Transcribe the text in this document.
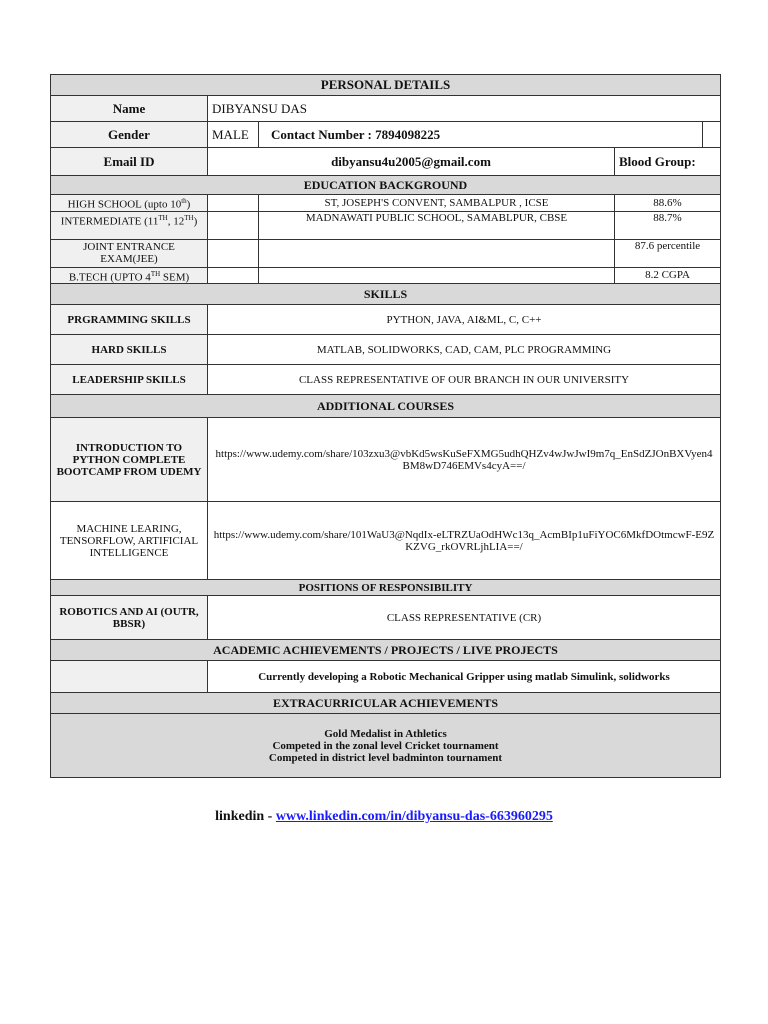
PERSONAL DETAILS				
Name	DIBYANSU DAS			
Gender	MALE	Contact Number : 7894098225		
Email ID	dibyansu4u2005@gmail.com		Blood Group:	
EDUCATION BACKGROUND				
HIGH SCHOOL (upto 10th)		ST, JOSEPH'S CONVENT, SAMBALPUR , ICSE	88.6%	
INTERMEDIATE (11TH, 12TH)		MADNAWATI PUBLIC SCHOOL, SAMABLPUR, CBSE	88.7%	
JOINT ENTRANCE EXAM(JEE)			87.6 percentile	
B.TECH (UPTO 4TH SEM)			8.2 CGPA	
SKILLS				
PRGRAMMING SKILLS	PYTHON, JAVA, AI&ML, C, C++			
HARD SKILLS	MATLAB, SOLIDWORKS, CAD, CAM, PLC PROGRAMMING			
LEADERSHIP SKILLS	CLASS REPRESENTATIVE OF OUR BRANCH IN OUR UNIVERSITY			
ADDITIONAL COURSES				
INTRODUCTION TO PYTHON COMPLETE BOOTCAMP FROM UDEMY	https://www.udemy.com/share/103zxu3@vbKd5wsKuSeFXMG5udhQHZv4wJwJwI9m7q_EnSdZJOnBXVyen4BM8wD746EMVs4cyA==/			
MACHINE LEARING, TENSORFLOW, ARTIFICIAL INTELLIGENCE	https://www.udemy.com/share/101WaU3@NqdIx-eLTRZUaOdHWc13q_AcmBIp1uFiYOC6MkfDOtmcwF-E9ZKZVG_rkOVRLjhLIA==/			
POSITIONS OF RESPONSIBILITY				
ROBOTICS AND AI (OUTR, BBSR)	CLASS REPRESENTATIVE (CR)			
ACADEMIC ACHIEVEMENTS / PROJECTS / LIVE PROJECTS				
	Currently developing a Robotic Mechanical Gripper using matlab Simulink, solidworks			
EXTRACURRICULAR ACHIEVEMENTS				

Gold Medalist in Athletics
Competed in the zonal level Cricket tournament
Competed in district level badminton tournament				
linkedin - www.linkedin.com/in/dibyansu-das-663960295
